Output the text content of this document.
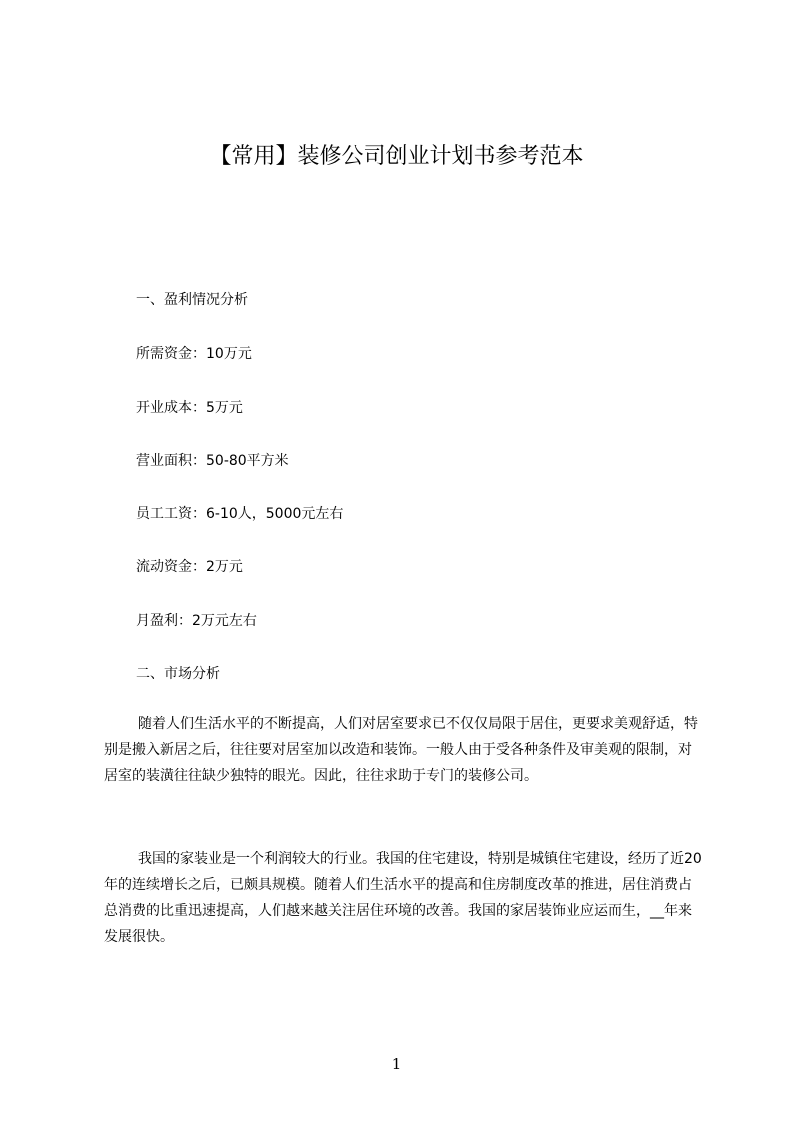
【常用】装修公司创业计划书参考范本
一、盈利情况分析
所需资金：10万元
开业成本：5万元
营业面积：50-80平方米
员工工资：6-10人，5000元左右
流动资金：2万元
月盈利：2万元左右
二、市场分析

随着人们生活水平的不断提高，人们对居室要求已不仅仅局限于居住，更要求美观舒适，特别是搬入新居之后，往往要对居室加以改造和装饰。一般人由于受各种条件及审美观的限制，对居室的装潢往往缺少独特的眼光。因此，往往求助于专门的装修公司。

我国的家装业是一个利润较大的行业。我国的住宅建设，特别是城镇住宅建设，经历了近20年的连续增长之后，已颇具规模。随着人们生活水平的提高和住房制度改革的推进，居住消费占总消费的比重迅速提高，人们越来越关注居住环境的改善。我国的家居装饰业应运而生，__年来发展很快。

1
